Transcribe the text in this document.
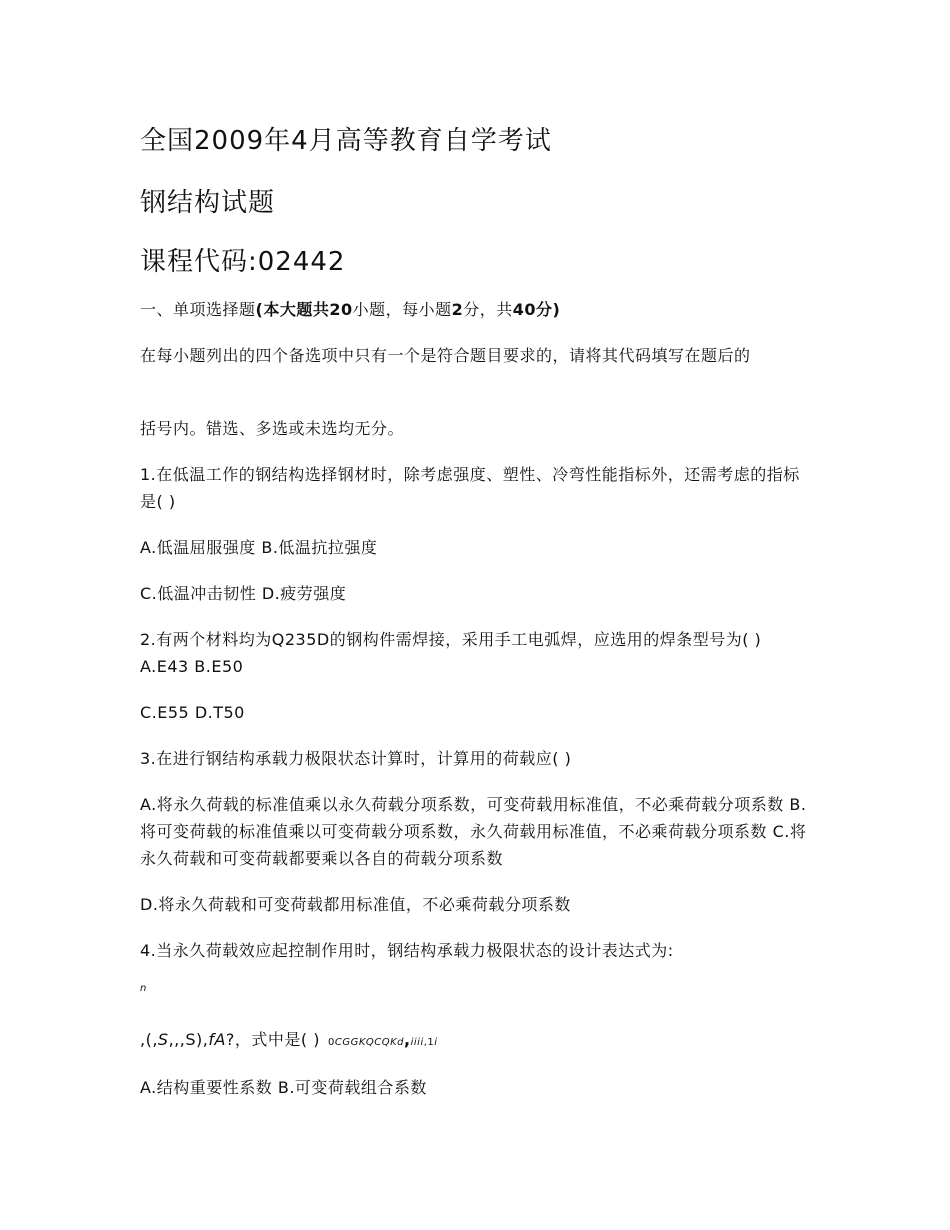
全国2009年4月高等教育自学考试
钢结构试题
课程代码:02442
一、单项选择题(本大题共20小题，每小题2分，共40分)
在每小题列出的四个备选项中只有一个是符合题目要求的，请将其代码填写在题后的
括号内。错选、多选或未选均无分。
1.在低温工作的钢结构选择钢材时，除考虑强度、塑性、冷弯性能指标外，还需考虑的指标 是( )
A.低温屈服强度 B.低温抗拉强度
C.低温冲击韧性 D.疲劳强度
2.有两个材料均为Q235D的钢构件需焊接，采用手工电弧焊，应选用的焊条型号为( ) A.E43 B.E50
C.E55 D.T50
3.在进行钢结构承载力极限状态计算时，计算用的荷载应( )
A.将永久荷载的标准值乘以永久荷载分项系数，可变荷载用标准值，不必乘荷载分项系数 B.将可变荷载的标准值乘以可变荷载分项系数，永久荷载用标准值，不必乘荷载分项系数 C.将永久荷载和可变荷载都要乘以各自的荷载分项系数
D.将永久荷载和可变荷载都用标准值，不必乘荷载分项系数
4.当永久荷载效应起控制作用时，钢结构承载力极限状态的设计表达式为:
n
,(,S,,,S),fA?，式中是( ) 0CGGKQCQKd,iiii,1i
A.结构重要性系数 B.可变荷载组合系数
